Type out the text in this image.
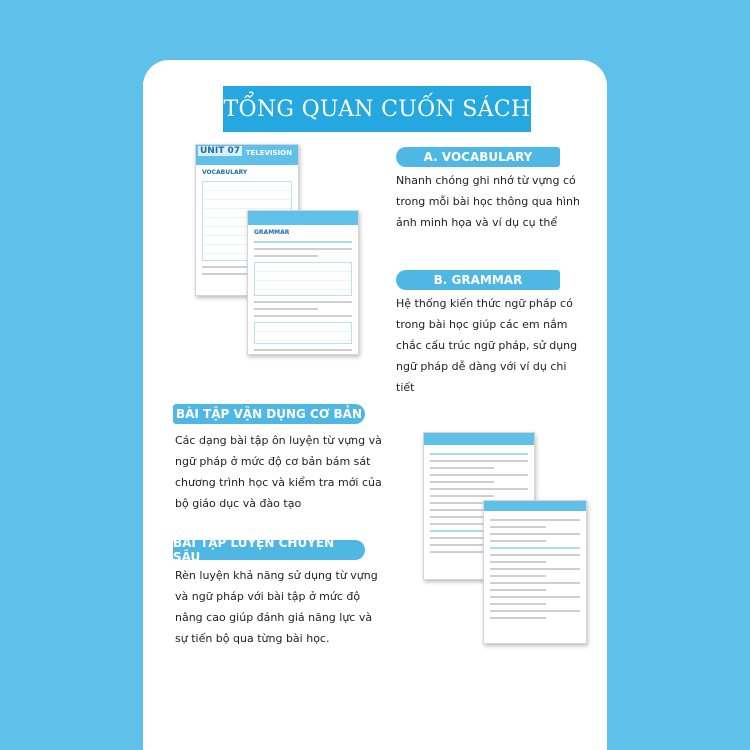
TỔNG QUAN CUỐN SÁCH
UNIT 07 TELEVISION
VOCABULARY
GRAMMAR
A. VOCABULARY
Nhanh chóng ghi nhớ từ vựng có trong mỗi bài học thông qua hình ảnh minh họa và ví dụ cụ thể
B. GRAMMAR
Hệ thống kiến thức ngữ pháp có trong bài học giúp các em nắm chắc cấu trúc ngữ pháp, sử dụng ngữ pháp dễ dàng với ví dụ chi tiết
BÀI TẬP VẬN DỤNG CƠ BẢN
Các dạng bài tập ôn luyện từ vựng và ngữ pháp ở mức độ cơ bản bám sát chương trình học và kiểm tra mới của bộ giáo dục và đào tạo
BÀI TẬP LUYỆN CHUYÊN SÂU
Rèn luyện khả năng sử dụng từ vựng và ngữ pháp với bài tập ở mức độ nâng cao giúp đánh giá năng lực và sự tiến bộ qua từng bài học.
